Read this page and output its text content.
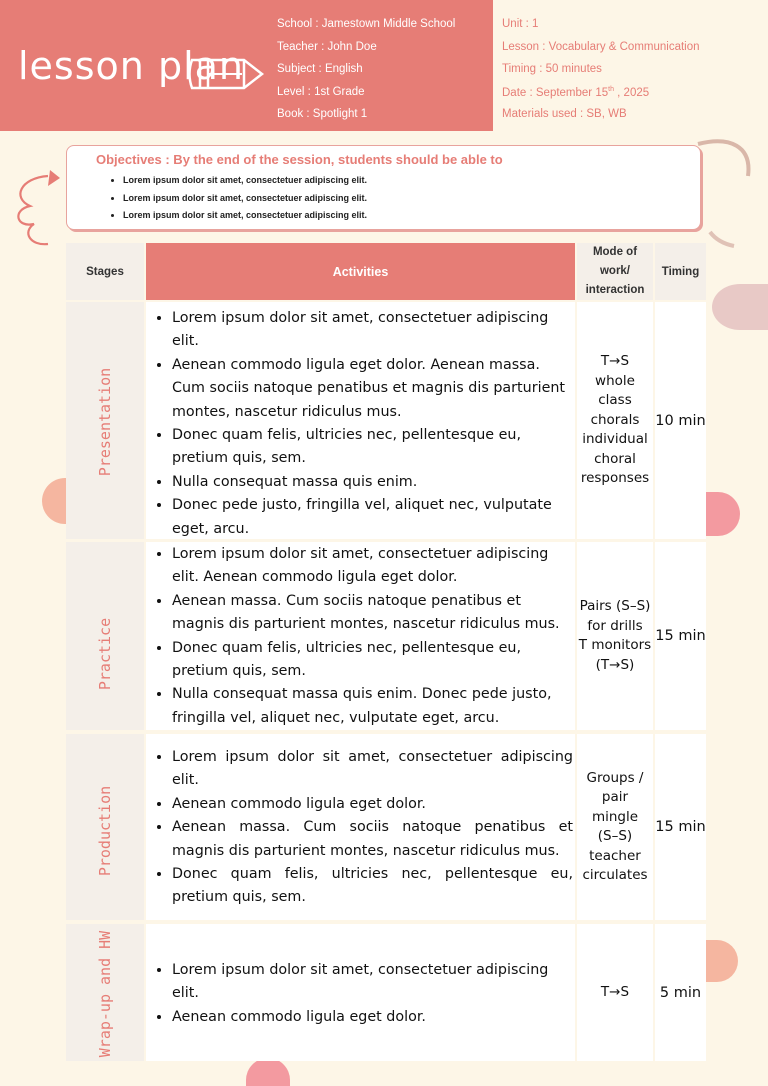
lesson plan
School : Jamestown Middle School
Teacher : John Doe
Subject : English
Level : 1st Grade
Book : Spotlight 1
Unit : 1
Lesson : Vocabulary & Communication
Timing : 50 minutes
Date : September 15th , 2025
Materials used : SB, WB
Objectives : By the end of the session, students should be able to
• Lorem ipsum dolor sit amet, consectetuer adipiscing elit.
• Lorem ipsum dolor sit amet, consectetuer adipiscing elit.
• Lorem ipsum dolor sit amet, consectetuer adipiscing elit.
Stages	Activities
Mode of
work/
interaction
Timing
Presentation
• Lorem ipsum dolor sit amet, consectetuer adipiscing elit.
• Aenean commodo ligula eget dolor. Aenean massa. Cum sociis natoque penatibus et magnis dis parturient montes, nascetur ridiculus mus.
• Donec quam felis, ultricies nec, pellentesque eu, pretium quis, sem.
• Nulla consequat massa quis enim.
• Donec pede justo, fringilla vel, aliquet nec, vulputate eget, arcu.
T→S
whole class
chorals
individual
choral
responses
10 min
Practice
• Lorem ipsum dolor sit amet, consectetuer adipiscing elit. Aenean commodo ligula eget dolor.
• Aenean massa. Cum sociis natoque penatibus et magnis dis parturient montes, nascetur ridiculus mus.
• Donec quam felis, ultricies nec, pellentesque eu, pretium quis, sem.
• Nulla consequat massa quis enim. Donec pede justo, fringilla vel, aliquet nec, vulputate eget, arcu.
Pairs (S–S)
for drills
T monitors
(T→S)
15 min
Production
• Lorem ipsum dolor sit amet, consectetuer adipiscing elit.
• Aenean commodo ligula eget dolor.
• Aenean massa. Cum sociis natoque penatibus et magnis dis parturient montes, nascetur ridiculus mus.
• Donec quam felis, ultricies nec, pellentesque eu, pretium quis, sem.
Groups /
pair mingle
(S–S)
teacher
circulates
15 min
Wrap-up and HW
•	Lorem ipsum dolor sit amet, consectetuer adipiscing elit.
• Aenean commodo ligula eget dolor.
T→S 5 min
